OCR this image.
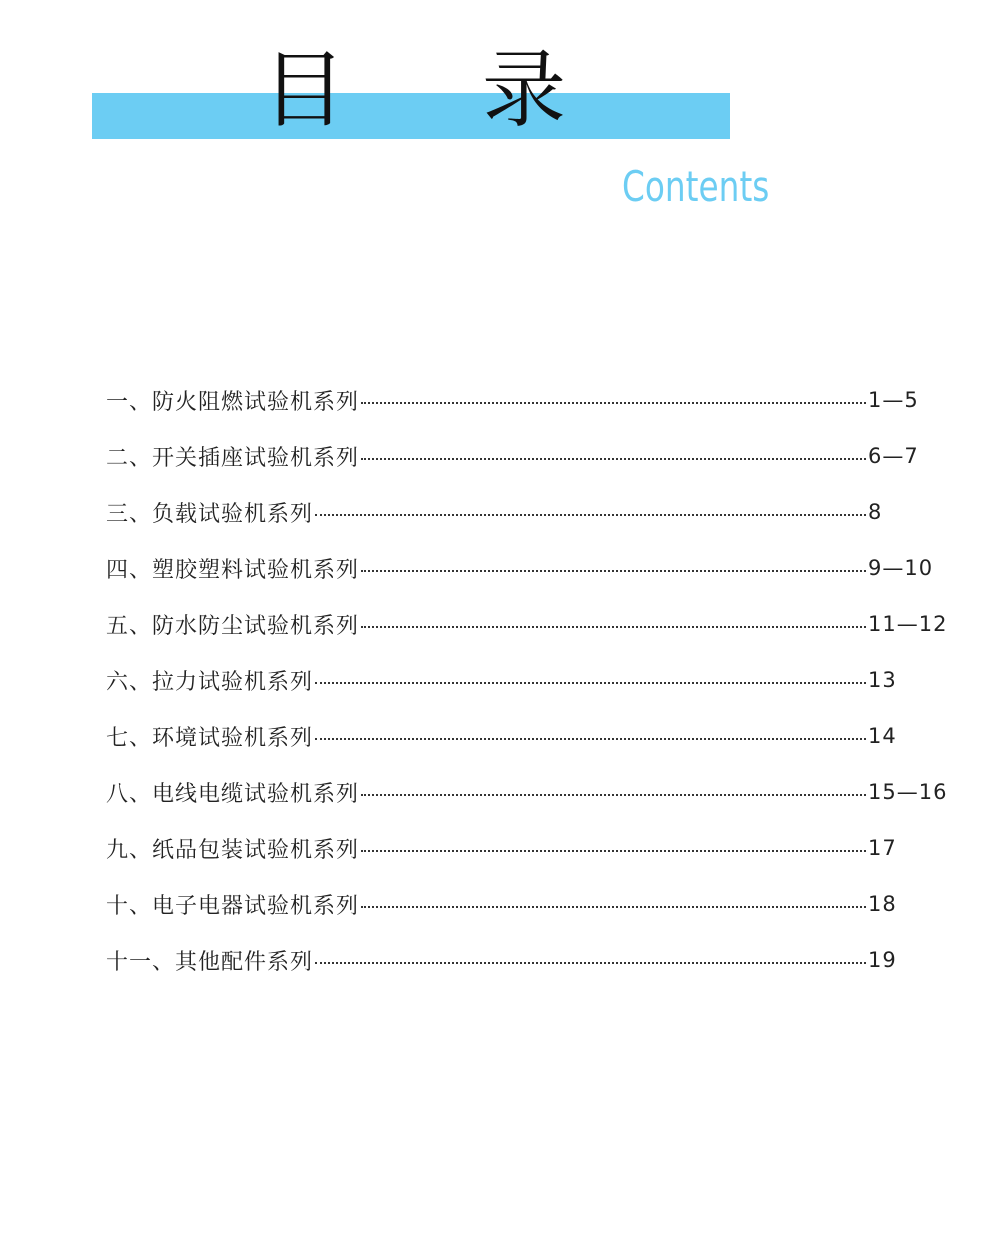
目 录
Contents
一、防火阻燃试验机系列	1—5
二、开关插座试验机系列	6—7
三、负载试验机系列	8
四、塑胶塑料试验机系列	9—10
五、防水防尘试验机系列	11—12
六、拉力试验机系列	13
七、环境试验机系列	14
八、电线电缆试验机系列	15—16
九、纸品包装试验机系列	17
十、电子电器试验机系列	18
十一、其他配件系列	19
